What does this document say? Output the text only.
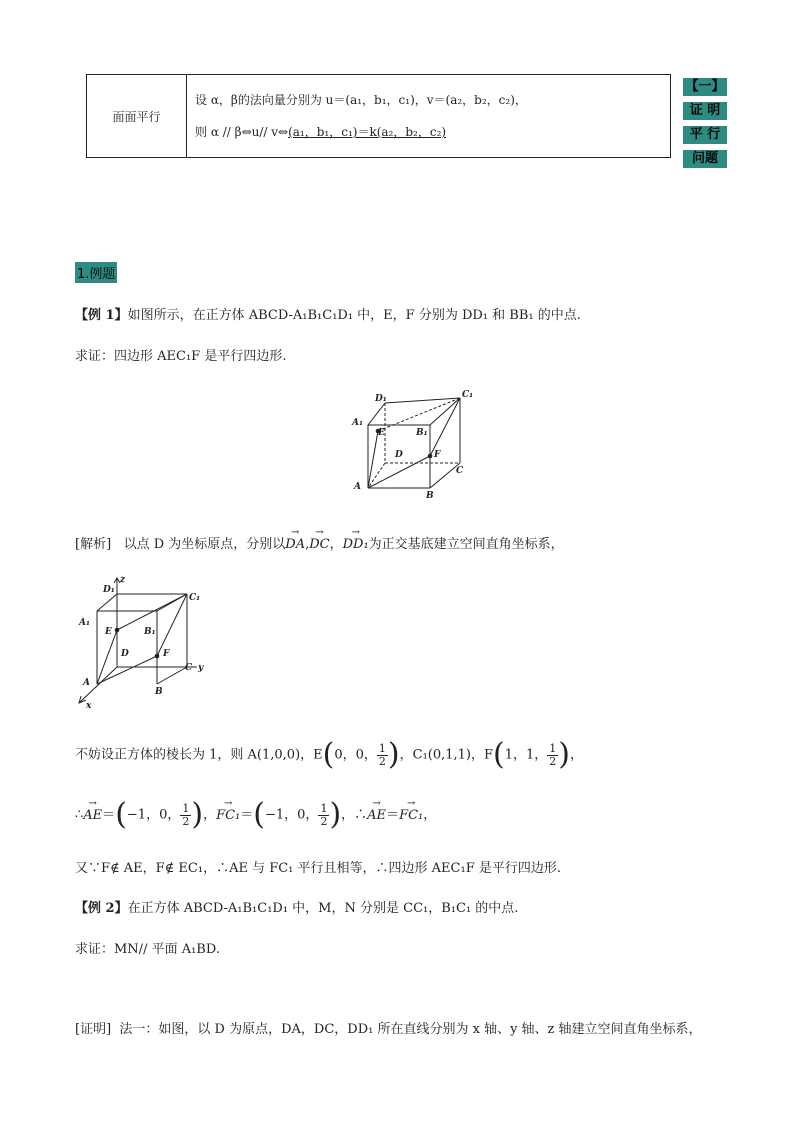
面面平行	
设 α，β的法向量分别为 u＝(a₁，b₁，c₁)，v＝(a₂，b₂，c₂)，
则 α // β⇔u// v⇔(a₁，b₁，c₁)＝k(a₂，b₂，c₂)
【一】
证 明
平 行
问题
1.例题
【例 1】如图所示，在正方体 ABCD-A₁B₁C₁D₁ 中，E，F 分别为 DD₁ 和 BB₁ 的中点.
求证：四边形 AEC₁F 是平行四边形.
D₁	C₁
A₁
E	B₁
D	F
C
A
B
[解析] 以点 D 为坐标原点，分别以→ DA,→ DC，→ DD₁为正交基底建立空间直角坐标系，
z
D₁
C₁
A₁
E	B₁
D	F
C y
A
B
x
不妨设正方体的棱长为 1，则 A(1,0,0)，E(0，0， $\frac{1}{2}$ )，C₁(0,1,1)，F(1，1， $\frac{1}{2}$ )，
∴→ AE＝(−1，0， $\frac{1}{2}$ )，→ FC₁＝(−1，0， $\frac{1}{2}$ )，∴→ AE＝→ FC₁，
又∵F∉ AE，F∉ EC₁，∴AE 与 FC₁ 平行且相等，∴四边形 AEC₁F 是平行四边形.
【例 2】在正方体 ABCD-A₁B₁C₁D₁ 中，M，N 分别是 CC₁，B₁C₁ 的中点.
求证：MN// 平面 A₁BD.
[证明] 法一：如图，以 D 为原点，DA，DC，DD₁ 所在直线分别为 x 轴、y 轴、z 轴建立空间直角坐标系，
